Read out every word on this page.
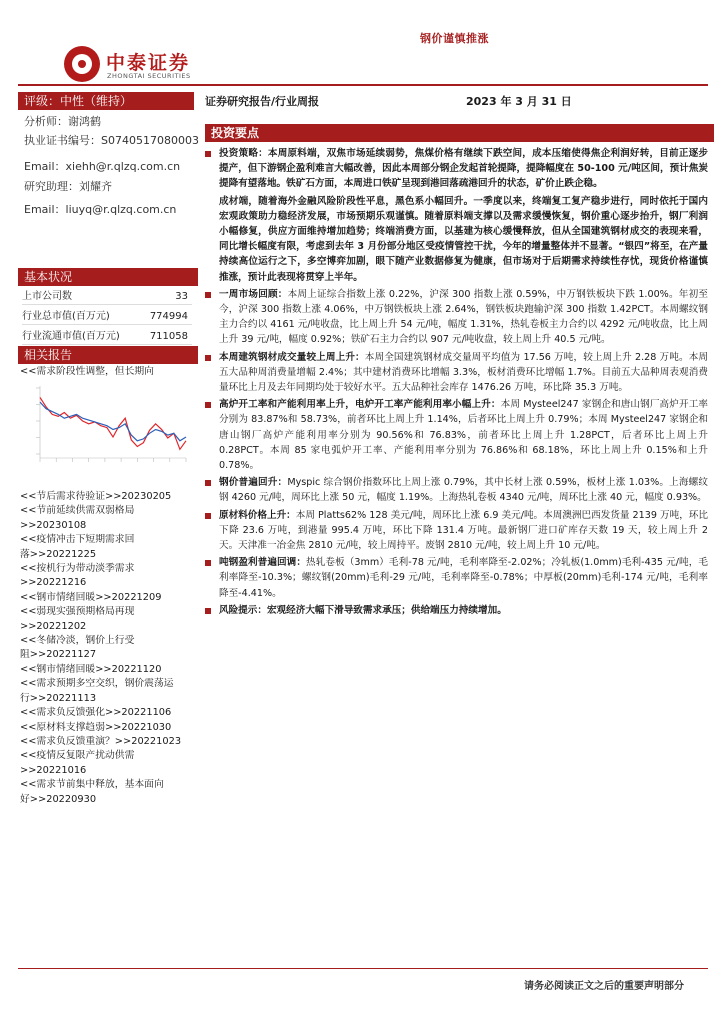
钢价谨慎推涨
中泰证券
ZHONGTAI SECURITIES
评级：中性（维持）	证券研究报告/行业周报	2023 年 3 月 31 日
分析师：谢鸿鹤
执业证书编号：S0740517080003
Email：xiehh@r.qlzq.com.cn
研究助理：刘耀齐
Email：liuyq@r.qlzq.com.cn
基本状况
上市公司数	33
行业总市值(百万元)	774994
行业流通市值(百万元)	711058
相关报告
<<需求阶段性调整，但长期向
<<节后需求待验证>>20230205
<<节前延续供需双弱格局>>20230108
<<疫情冲击下短期需求回
落>>20221225
<<按机行为带动淡季需求>>20221216
<<钢市情绪回暖>>20221209
<<弱现实强预期格局再现>>20221202
<<冬储冷淡，钢价上行受
阻>>20221127
<<钢市情绪回暖>>20221120
<<需求预期多空交织，钢价震荡运
行>>20221113
<<需求负反馈强化>>20221106
<<原材料支撑趋弱>>20221030
<<需求负反馈重演？>>20221023
<<疫情反复限产扰动供需>>20221016
<<需求节前集中释放，基本面向
好>>20220930
投资要点
投资策略：本周原料端，双焦市场延续弱势，焦煤价格有继续下跌空间，成本压缩使得焦企利润好转，目前正逐步提产，但下游钢企盈利难言大幅改善，因此本周部分钢企发起首轮提降，提降幅度在 50-100 元/吨区间，预计焦炭提降有望落地。铁矿石方面，本周进口铁矿呈现到港回落疏港回升的状态，矿价止跌企稳。
成材端，随着海外金融风险阶段性平息，黑色系小幅回升。一季度以来，终端复工复产稳步进行，同时依托于国内宏观政策助力稳经济发展，市场预期乐观谨慎。随着原料端支撑以及需求缓慢恢复，钢价重心逐步抬升，钢厂利润小幅修复，供应方面维持增加趋势；终端消费方面，以基建为核心缓慢释放，但从全国建筑钢材成交的表现来看，同比增长幅度有限，考虑到去年 3 月份部分地区受疫情管控干扰，今年的增量整体并不显著。“银四”将至，在产量持续高位运行之下，多空博弈加剧，眼下随产业数据修复为健康，但市场对于后期需求持续性存忧，现货价格谨慎推涨，预计此表现将贯穿上半年。
一周市场回顾：本周上证综合指数上涨 0.22%，沪深 300 指数上涨 0.59%，中万钢铁板块下跌 1.00%。年初至今，沪深 300 指数上涨 4.06%，中万钢铁板块上涨 2.64%，钢铁板块跑输沪深 300 指数 1.42PCT。本周螺纹钢主力合约以 4161 元/吨收盘，比上周上升 54 元/吨，幅度 1.31%，热轧卷板主力合约以 4292 元/吨收盘，比上周上升 39 元/吨，幅度 0.92%；铁矿石主力合约以 907 元/吨收盘，较上周上升 40.5 元/吨。
本周建筑钢材成交量较上周上升：本周全国建筑钢材成交量周平均值为 17.56 万吨，较上周上升 2.28 万吨。本周五大品种周消费量增幅 2.4%；其中建材消费环比增幅 3.3%，板材消费环比增幅 1.7%。目前五大品种周表观消费量环比上月及去年同期均处于较好水平。五大品种社会库存 1476.26 万吨，环比降 35.3 万吨。
高炉开工率和产能利用率上升，电炉开工率产能利用率小幅上升：本周 Mysteel247 家钢企和唐山钢厂高炉开工率分别为 83.87%和 58.73%，前者环比上周上升 1.14%，后者环比上周上升 0.79%；本周 Mysteel247 家钢企和唐山钢厂高炉产能利用率分别为 90.56%和 76.83%，前者环比上周上升 1.28PCT，后者环比上周上升 0.28PCT。本周 85 家电弧炉开工率、产能利用率分别为 76.86%和 68.18%，环比上周上升 0.15%和上升 0.78%。
钢价普遍回升：Myspic 综合钢价指数环比上周上涨 0.79%，其中长材上涨 0.59%，板材上涨 1.03%。上海螺纹钢 4260 元/吨，周环比上涨 50 元，幅度 1.19%。上海热轧卷板 4340 元/吨，周环比上涨 40 元，幅度 0.93%。
原材料价格上升：本周 Platts62% 128 美元/吨，周环比上涨 6.9 美元/吨。本周澳洲巴西发货量 2139 万吨，环比下降 23.6 万吨，到港量 995.4 万吨，环比下降 131.4 万吨。最新钢厂进口矿库存天数 19 天，较上周上升 2 天。天津准一冶金焦 2810 元/吨，较上周持平。废钢 2810 元/吨，较上周上升 10 元/吨。
吨钢盈利普遍回调：热轧卷板（3mm）毛利-78 元/吨，毛利率降至-2.02%；冷轧板(1.0mm)毛利-435 元/吨，毛利率降至-10.3%；螺纹钢(20mm)毛利-29 元/吨，毛利率降至-0.78%；中厚板(20mm)毛利-174 元/吨，毛利率降至-4.41%。
风险提示：宏观经济大幅下滑导致需求承压；供给端压力持续增加。
请务必阅读正文之后的重要声明部分
